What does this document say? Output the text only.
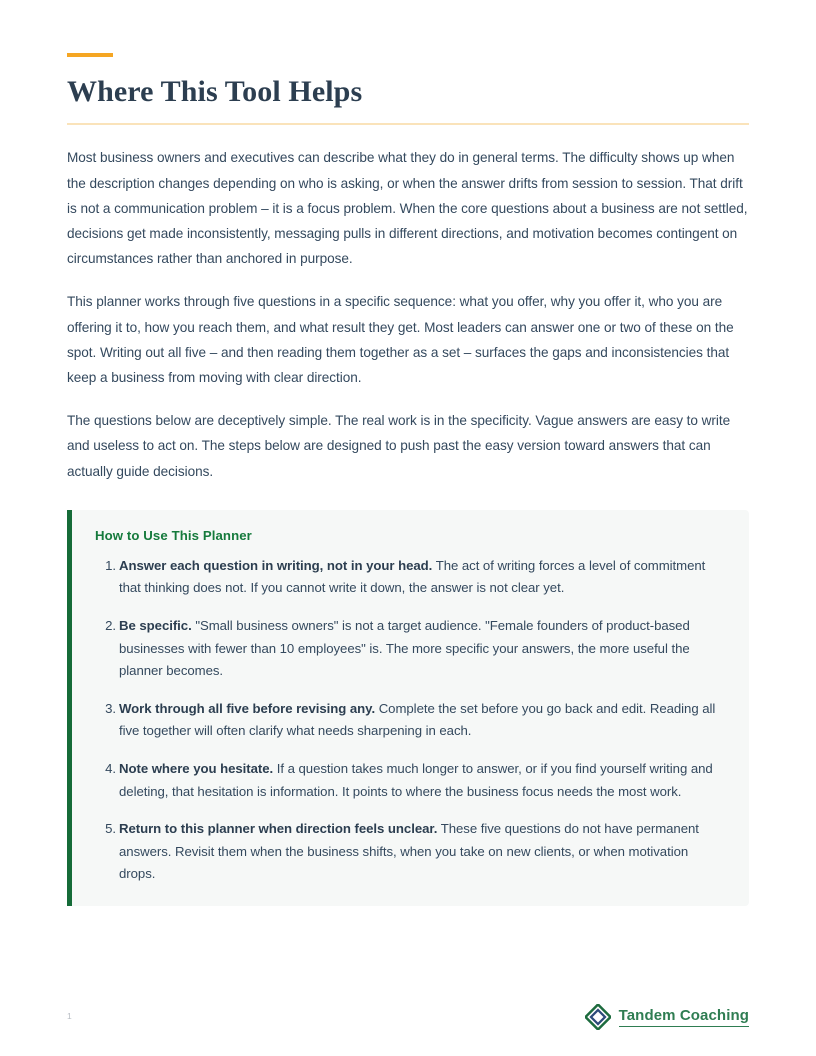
Where This Tool Helps

Most business owners and executives can describe what they do in general terms. The difficulty shows up when the description changes depending on who is asking, or when the answer drifts from session to session. That drift is not a communication problem – it is a focus problem. When the core questions about a business are not settled, decisions get made inconsistently, messaging pulls in different directions, and motivation becomes contingent on circumstances rather than anchored in purpose.

This planner works through five questions in a specific sequence: what you offer, why you offer it, who you are offering it to, how you reach them, and what result they get. Most leaders can answer one or two of these on the spot. Writing out all five – and then reading them together as a set – surfaces the gaps and inconsistencies that keep a business from moving with clear direction.

The questions below are deceptively simple. The real work is in the specificity. Vague answers are easy to write and useless to act on. The steps below are designed to push past the easy version toward answers that can actually guide decisions.

How to Use This Planner
Answer each question in writing, not in your head. The act of writing forces a level of commitment that thinking does not. If you cannot write it down, the answer is not clear yet.
Be specific. "Small business owners" is not a target audience. "Female founders of product-based businesses with fewer than 10 employees" is. The more specific your answers, the more useful the planner becomes.
Work through all five before revising any. Complete the set before you go back and edit. Reading all five together will often clarify what needs sharpening in each.
Note where you hesitate. If a question takes much longer to answer, or if you find yourself writing and deleting, that hesitation is information. It points to where the business focus needs the most work.
Return to this planner when direction feels unclear. These five questions do not have permanent answers. Revisit them when the business shifts, when you take on new clients, or when motivation drops.
1	Tandem Coaching
